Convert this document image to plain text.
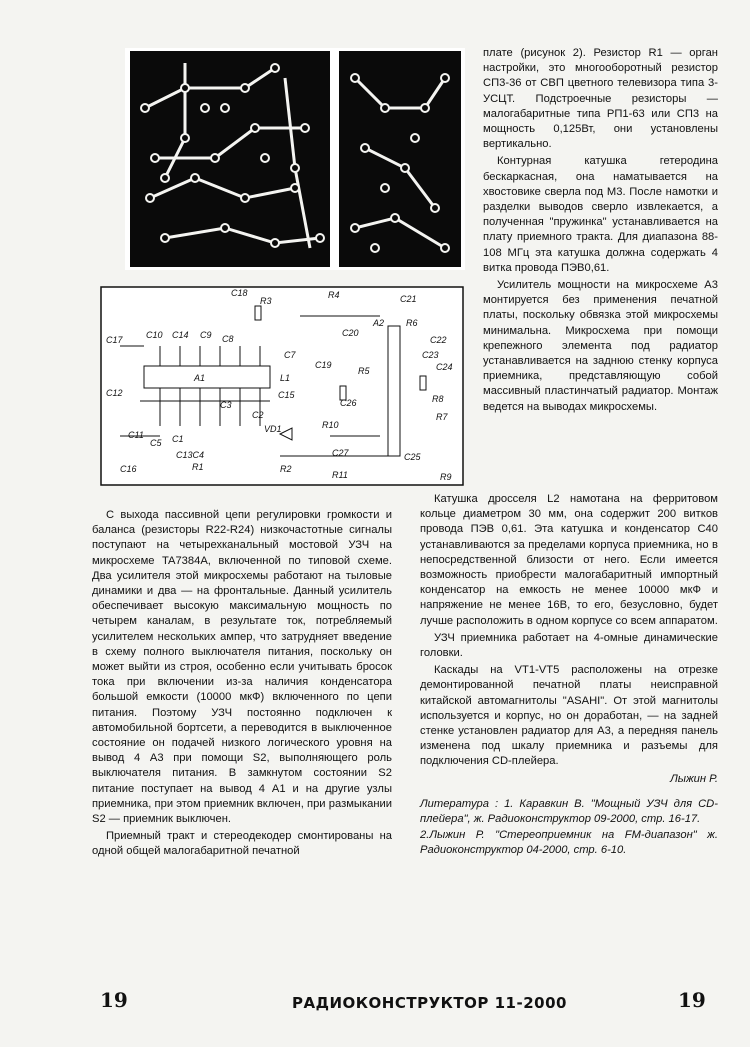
C18
R3
R4	C21
C17	C10 C14 C9 C8
C20
A2 R6
C22
C7
C19
R5
C23
C24
C12
A1	L1
C15	R8
C3
C2
C26
R7
C11
C5 C1
VD1	R10
C13C4	C27	C25
C16	R1	R2
R11	R9

плате (рисунок 2). Резистор R1 — орган настройки, это многооборотный резистор СП3-36 от СВП цветного телевизора типа 3-УСЦТ. Подстроечные резисторы — малогабаритные типа РП1-63 или СП3 на мощность 0,125Вт, они установлены вертикально.

Контурная катушка гетеродина бескаркасная, она наматывается на хвостовике сверла под М3. После намотки и разделки выводов сверло извлекается, а полученная "пружинка" устанавливается на плату приемного тракта. Для диапазона 88-108 МГц эта катушка должна содержать 4 витка провода ПЭВ0,61.

Усилитель мощности на микросхеме А3 монтируется без применения печатной платы, поскольку обвязка этой микросхемы минимальна. Микросхема при помощи крепежного элемента под радиатор устанавливается на заднюю стенку корпуса приемника, представляющую собой массивный пластинчатый радиатор. Монтаж ведется на выводах микросхемы.

Катушка дросселя L2 намотана на ферритовом кольце диаметром 30 мм, она содержит 200 витков провода ПЭВ 0,61. Эта катушка и конденсатор С40 устанавливаются за пределами корпуса приемника, но в непосредственной близости от него. Если имеется возможность приобрести малогабаритный импортный конденсатор на емкость не менее 10000 мкФ и напряжение не менее 16В, то его, безусловно, будет лучше расположить в одном корпусе со всем аппаратом.

УЗЧ приемника работает на 4-омные динамические головки.

Каскады на VT1-VT5 расположены на отрезке демонтированной печатной платы неисправной китайской автомагнитолы "ASAHI". От этой магнитолы используется и корпус, но он доработан, — на задней стенке установлен радиатор для А3, а передняя панель изменена под шкалу приемника и разъемы для подключения CD-плейера.

Лыжин Р.

Литература : 1. Каравкин В. "Мощный УЗЧ для CD-плейера", ж. Радиоконструктор 09-2000, стр. 16-17.

2.Лыжин Р. "Стереоприемник на FM-диапазон" ж. Радиоконструктор 04-2000, стр. 6-10.

С выхода пассивной цепи регулировки громкости и баланса (резисторы R22-R24) низкочастотные сигналы поступают на четырехканальный мостовой УЗЧ на микросхеме TA7384A, включенной по типовой схеме. Два усилителя этой микросхемы работают на тыловые динамики и два — на фронтальные. Данный усилитель обеспечивает высокую максимальную мощность по четырем каналам, в результате ток, потребляемый усилителем нескольких ампер, что затрудняет введение в схему полного выключателя питания, поскольку он может выйти из строя, особенно если учитывать бросок тока при включении из-за наличия конденсатора большой емкости (10000 мкФ) включенного по цепи питания. Поэтому УЗЧ постоянно подключен к автомобильной бортсети, а переводится в выключенное состояние он подачей низкого логического уровня на вывод 4 А3 при помощи S2, выполняющего роль выключателя питания. В замкнутом состоянии S2 питание поступает на вывод 4 А1 и на другие узлы приемника, при этом приемник включен, при размыкании S2 — приемник выключен.

Приемный тракт и стереодекодер смонтированы на одной общей малогабаритной печатной

19	РАДИОКОНСТРУКТОР 11-2000	19
